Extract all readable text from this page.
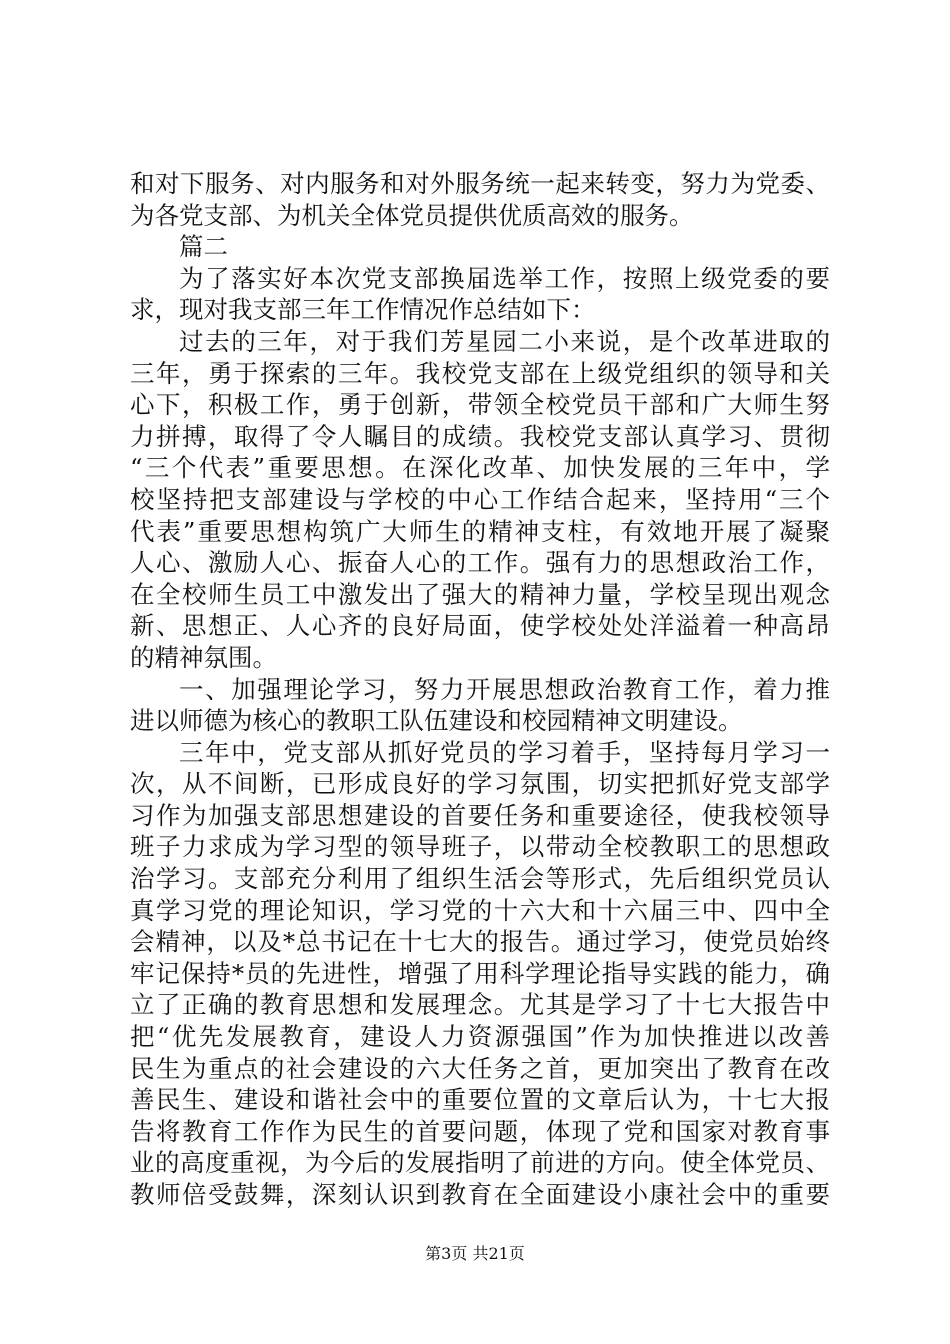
和对下服务、对内服务和对外服务统一起来转变，努力为党委、
为各党支部、为机关全体党员提供优质高效的服务。
篇二
为了落实好本次党支部换届选举工作，按照上级党委的要
求，现对我支部三年工作情况作总结如下：
过去的三年，对于我们芳星园二小来说，是个改革进取的
三年，勇于探索的三年。我校党支部在上级党组织的领导和关
心下，积极工作，勇于创新，带领全校党员干部和广大师生努
力拼搏，取得了令人瞩目的成绩。我校党支部认真学习、贯彻
“三个代表”重要思想。在深化改革、加快发展的三年中，学
校坚持把支部建设与学校的中心工作结合起来，坚持用“三个
代表”重要思想构筑广大师生的精神支柱，有效地开展了凝聚
人心、激励人心、振奋人心的工作。强有力的思想政治工作，
在全校师生员工中激发出了强大的精神力量，学校呈现出观念
新、思想正、人心齐的良好局面，使学校处处洋溢着一种高昂
的精神氛围。
一、加强理论学习，努力开展思想政治教育工作，着力推
进以师德为核心的教职工队伍建设和校园精神文明建设。
三年中，党支部从抓好党员的学习着手，坚持每月学习一
次，从不间断，已形成良好的学习氛围，切实把抓好党支部学
习作为加强支部思想建设的首要任务和重要途径，使我校领导
班子力求成为学习型的领导班子，以带动全校教职工的思想政
治学习。支部充分利用了组织生活会等形式，先后组织党员认
真学习党的理论知识，学习党的十六大和十六届三中、四中全
会精神，以及*总书记在十七大的报告。通过学习，使党员始终
牢记保持*员的先进性，增强了用科学理论指导实践的能力，确
立了正确的教育思想和发展理念。尤其是学习了十七大报告中
把“优先发展教育，建设人力资源强国”作为加快推进以改善
民生为重点的社会建设的六大任务之首，更加突出了教育在改
善民生、建设和谐社会中的重要位置的文章后认为，十七大报
告将教育工作作为民生的首要问题，体现了党和国家对教育事
业的高度重视，为今后的发展指明了前进的方向。使全体党员、
教师倍受鼓舞，深刻认识到教育在全面建设小康社会中的重要
第3页 共21页
